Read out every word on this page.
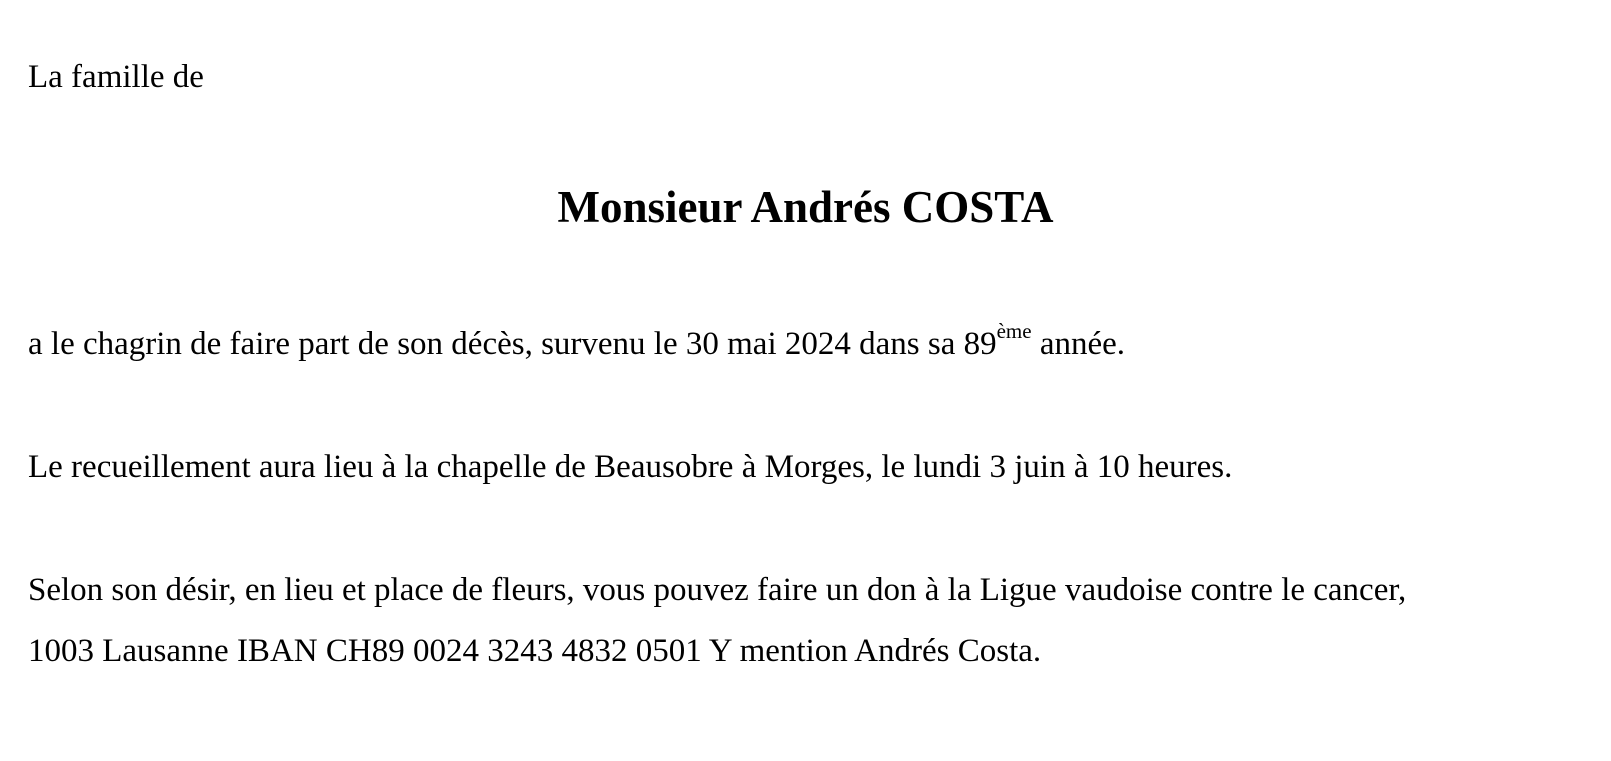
La famille de

Monsieur Andrés COSTA

a le chagrin de faire part de son décès, survenu le 30 mai 2024 dans sa 89ème année.

Le recueillement aura lieu à la chapelle de Beausobre à Morges, le lundi 3 juin à 10 heures.

Selon son désir, en lieu et place de fleurs, vous pouvez faire un don à la Ligue vaudoise contre le cancer,

1003 Lausanne IBAN CH89 0024 3243 4832 0501 Y mention Andrés Costa.
